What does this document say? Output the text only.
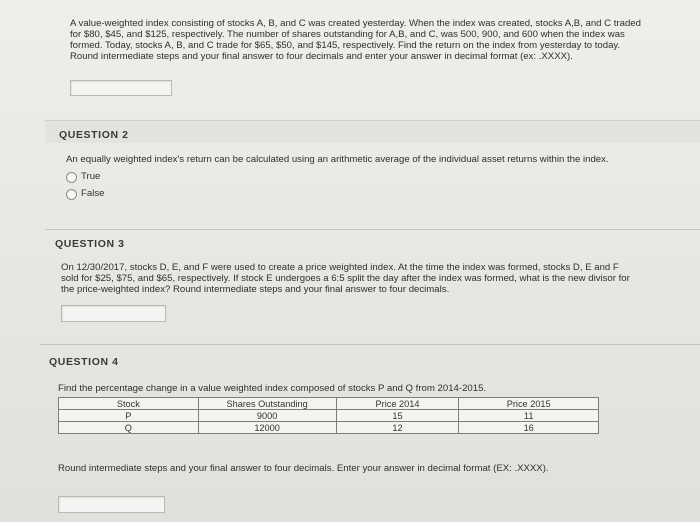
A value-weighted index consisting of stocks A, B, and C was created yesterday. When the index was created, stocks A,B, and C traded
for $80, $45, and $125, respectively. The number of shares outstanding for A,B, and C, was 500, 900, and 600 when the index was
formed. Today, stocks A, B, and C trade for $65, $50, and $145, respectively. Find the return on the index from yesterday to today.
Round intermediate steps and your final answer to four decimals and enter your answer in decimal format (ex: .XXXX).
QUESTION 2
An equally weighted index's return can be calculated using an arithmetic average of the individual asset returns within the index.
True
False
QUESTION 3
On 12/30/2017, stocks D, E, and F were used to create a price weighted index. At the time the index was formed, stocks D, E and F
sold for $25, $75, and $65, respectively. If stock E undergoes a 6:5 split the day after the index was formed, what is the new divisor for
the price-weighted index? Round intermediate steps and your final answer to four decimals.
QUESTION 4
Find the percentage change in a value weighted index composed of stocks P and Q from 2014-2015.
Stock	Shares Outstanding	Price 2014	Price 2015
P	9000	15	11
Q	12000	12	16
Round intermediate steps and your final answer to four decimals. Enter your answer in decimal format (EX: .XXXX).
